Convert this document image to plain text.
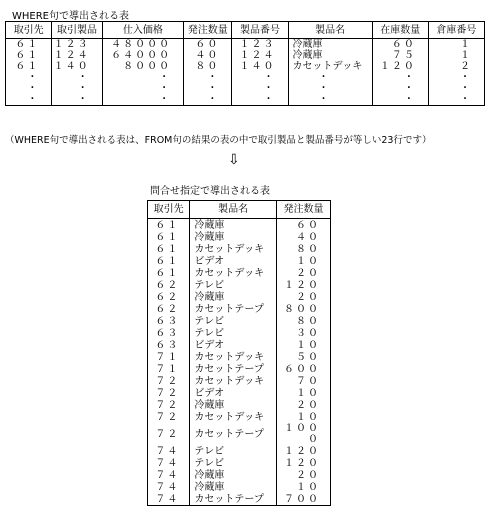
WHERE句で導出される表
取引先	取引製品	仕入価格	発注数量	製品番号	製品名	在庫数量	倉庫番号
６１	１２３	４８０００	６０	１２３	冷蔵庫	６０	１
６１	１２４	６４０００	４０	１２４	冷蔵庫	７５	１
６１	１４０	８０００	８０	１４０	カセットデッキ	１２０	２
・	・	・	・	・	・	・	・
・	・	・	・	・	・	・	・
・	・	・	・	・	・	・	・
（WHERE句で導出される表は、FROM句の結果の表の中で取引製品と製品番号が等しい23行です）
⇩
問合せ指定で導出される表
取引先	製品名	発注数量
６１	冷蔵庫	６０
６１	冷蔵庫	４０
６１	カセットデッキ	８０
６１	ビデオ	１０
６１	カセットデッキ	２０
６２	テレビ	１２０
６２	冷蔵庫	２０
６２	カセットテープ	８００
６３	テレビ	８０
６３	テレビ	３０
６３	ビデオ	１０
７１	カセットデッキ	５０
７１	カセットテープ	６００
７２	カセットデッキ	７０
７２	ビデオ	１０
７２	冷蔵庫	２０
７２	カセットデッキ	１０
７２	カセットテープ	１０００
７４	テレビ	１２０
７４	テレビ	１２０
７４	冷蔵庫	２０
７４	冷蔵庫	１０
７４	カセットテープ	７００
